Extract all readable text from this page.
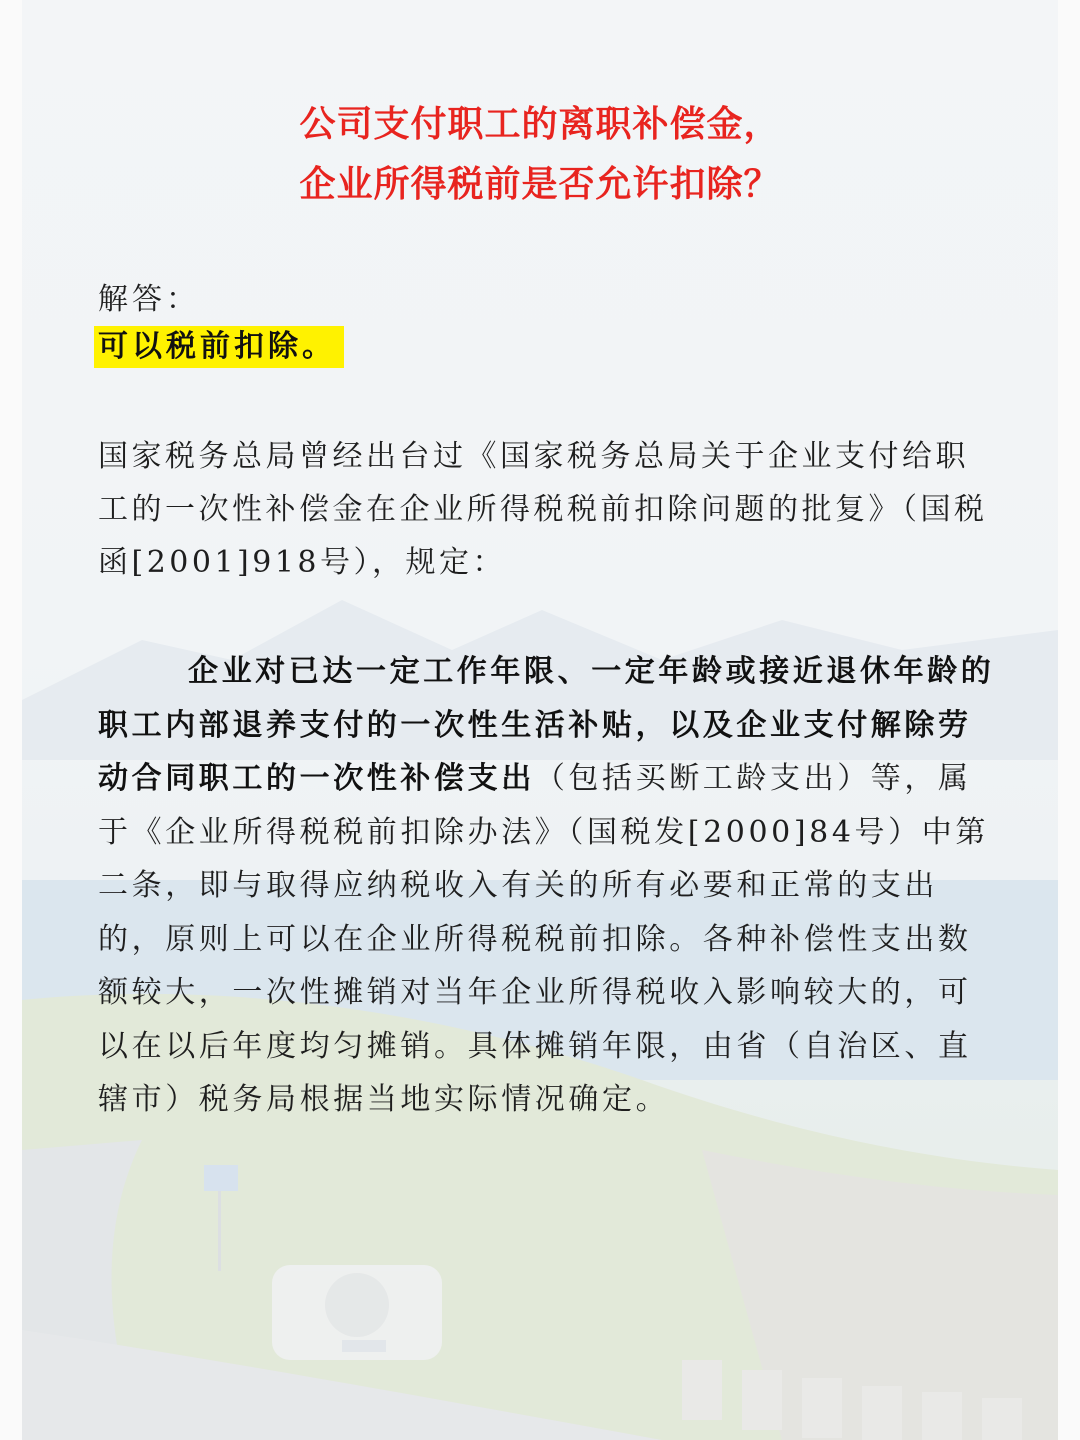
公司支付职工的离职补偿金，
企业所得税前是否允许扣除？
解答：
可以税前扣除。

国家税务总局曾经出台过《国家税务总局关于企业支付给职工的一次性补偿金在企业所得税税前扣除问题的批复》（国税函[2001]918号），规定：

企业对已达一定工作年限、一定年龄或接近退休年龄的职工内部退养支付的一次性生活补贴，以及企业支付解除劳动合同职工的一次性补偿支出（包括买断工龄支出）等，属于《企业所得税税前扣除办法》（国税发[2000]84号）中第二条，即与取得应纳税收入有关的所有必要和正常的支出的，原则上可以在企业所得税税前扣除。各种补偿性支出数额较大，一次性摊销对当年企业所得税收入影响较大的，可以在以后年度均匀摊销。具体摊销年限，由省（自治区、直辖市）税务局根据当地实际情况确定。
